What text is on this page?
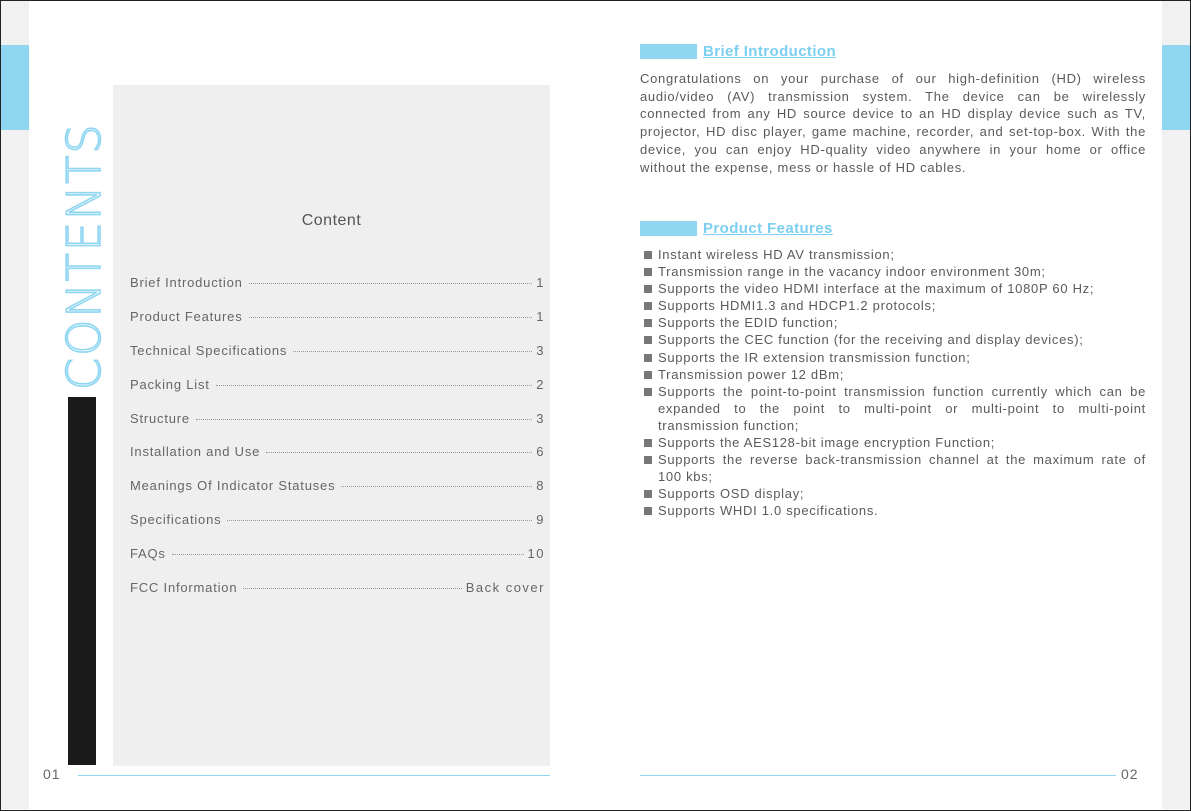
CONTENTS	Content
Brief Introduction	1
Product Features	1
Technical Specifications	3
Packing List	2
Structure	3
Installation and Use	6
Meanings Of Indicator Statuses	8
Specifications	9
FAQs	10
FCC Information	Back cover
01	02
Brief Introduction

Congratulations on your purchase of our high-definition (HD) wireless audio/video (AV) transmission system. The device can be wirelessly connected from any HD source device to an HD display device such as TV, projector, HD disc player, game machine, recorder, and set-top-box. With the device, you can enjoy HD-quality video anywhere in your home or office without the expense, mess or hassle of HD cables.

Product Features
Instant wireless HD AV transmission;
Transmission range in the vacancy indoor environment 30m;
Supports the video HDMI interface at the maximum of 1080P 60 Hz;
Supports HDMI1.3 and HDCP1.2 protocols;
Supports the EDID function;
Supports the CEC function (for the receiving and display devices);
Supports the IR extension transmission function;
Transmission power 12 dBm;
Supports the point-to-point transmission function currently which can be expanded to the point to multi-point or multi-point to multi-point transmission function;
Supports the AES128-bit image encryption Function;
Supports the reverse back-transmission channel at the maximum rate of 100 kbs;
Supports OSD display;
Supports WHDI 1.0 specifications.
